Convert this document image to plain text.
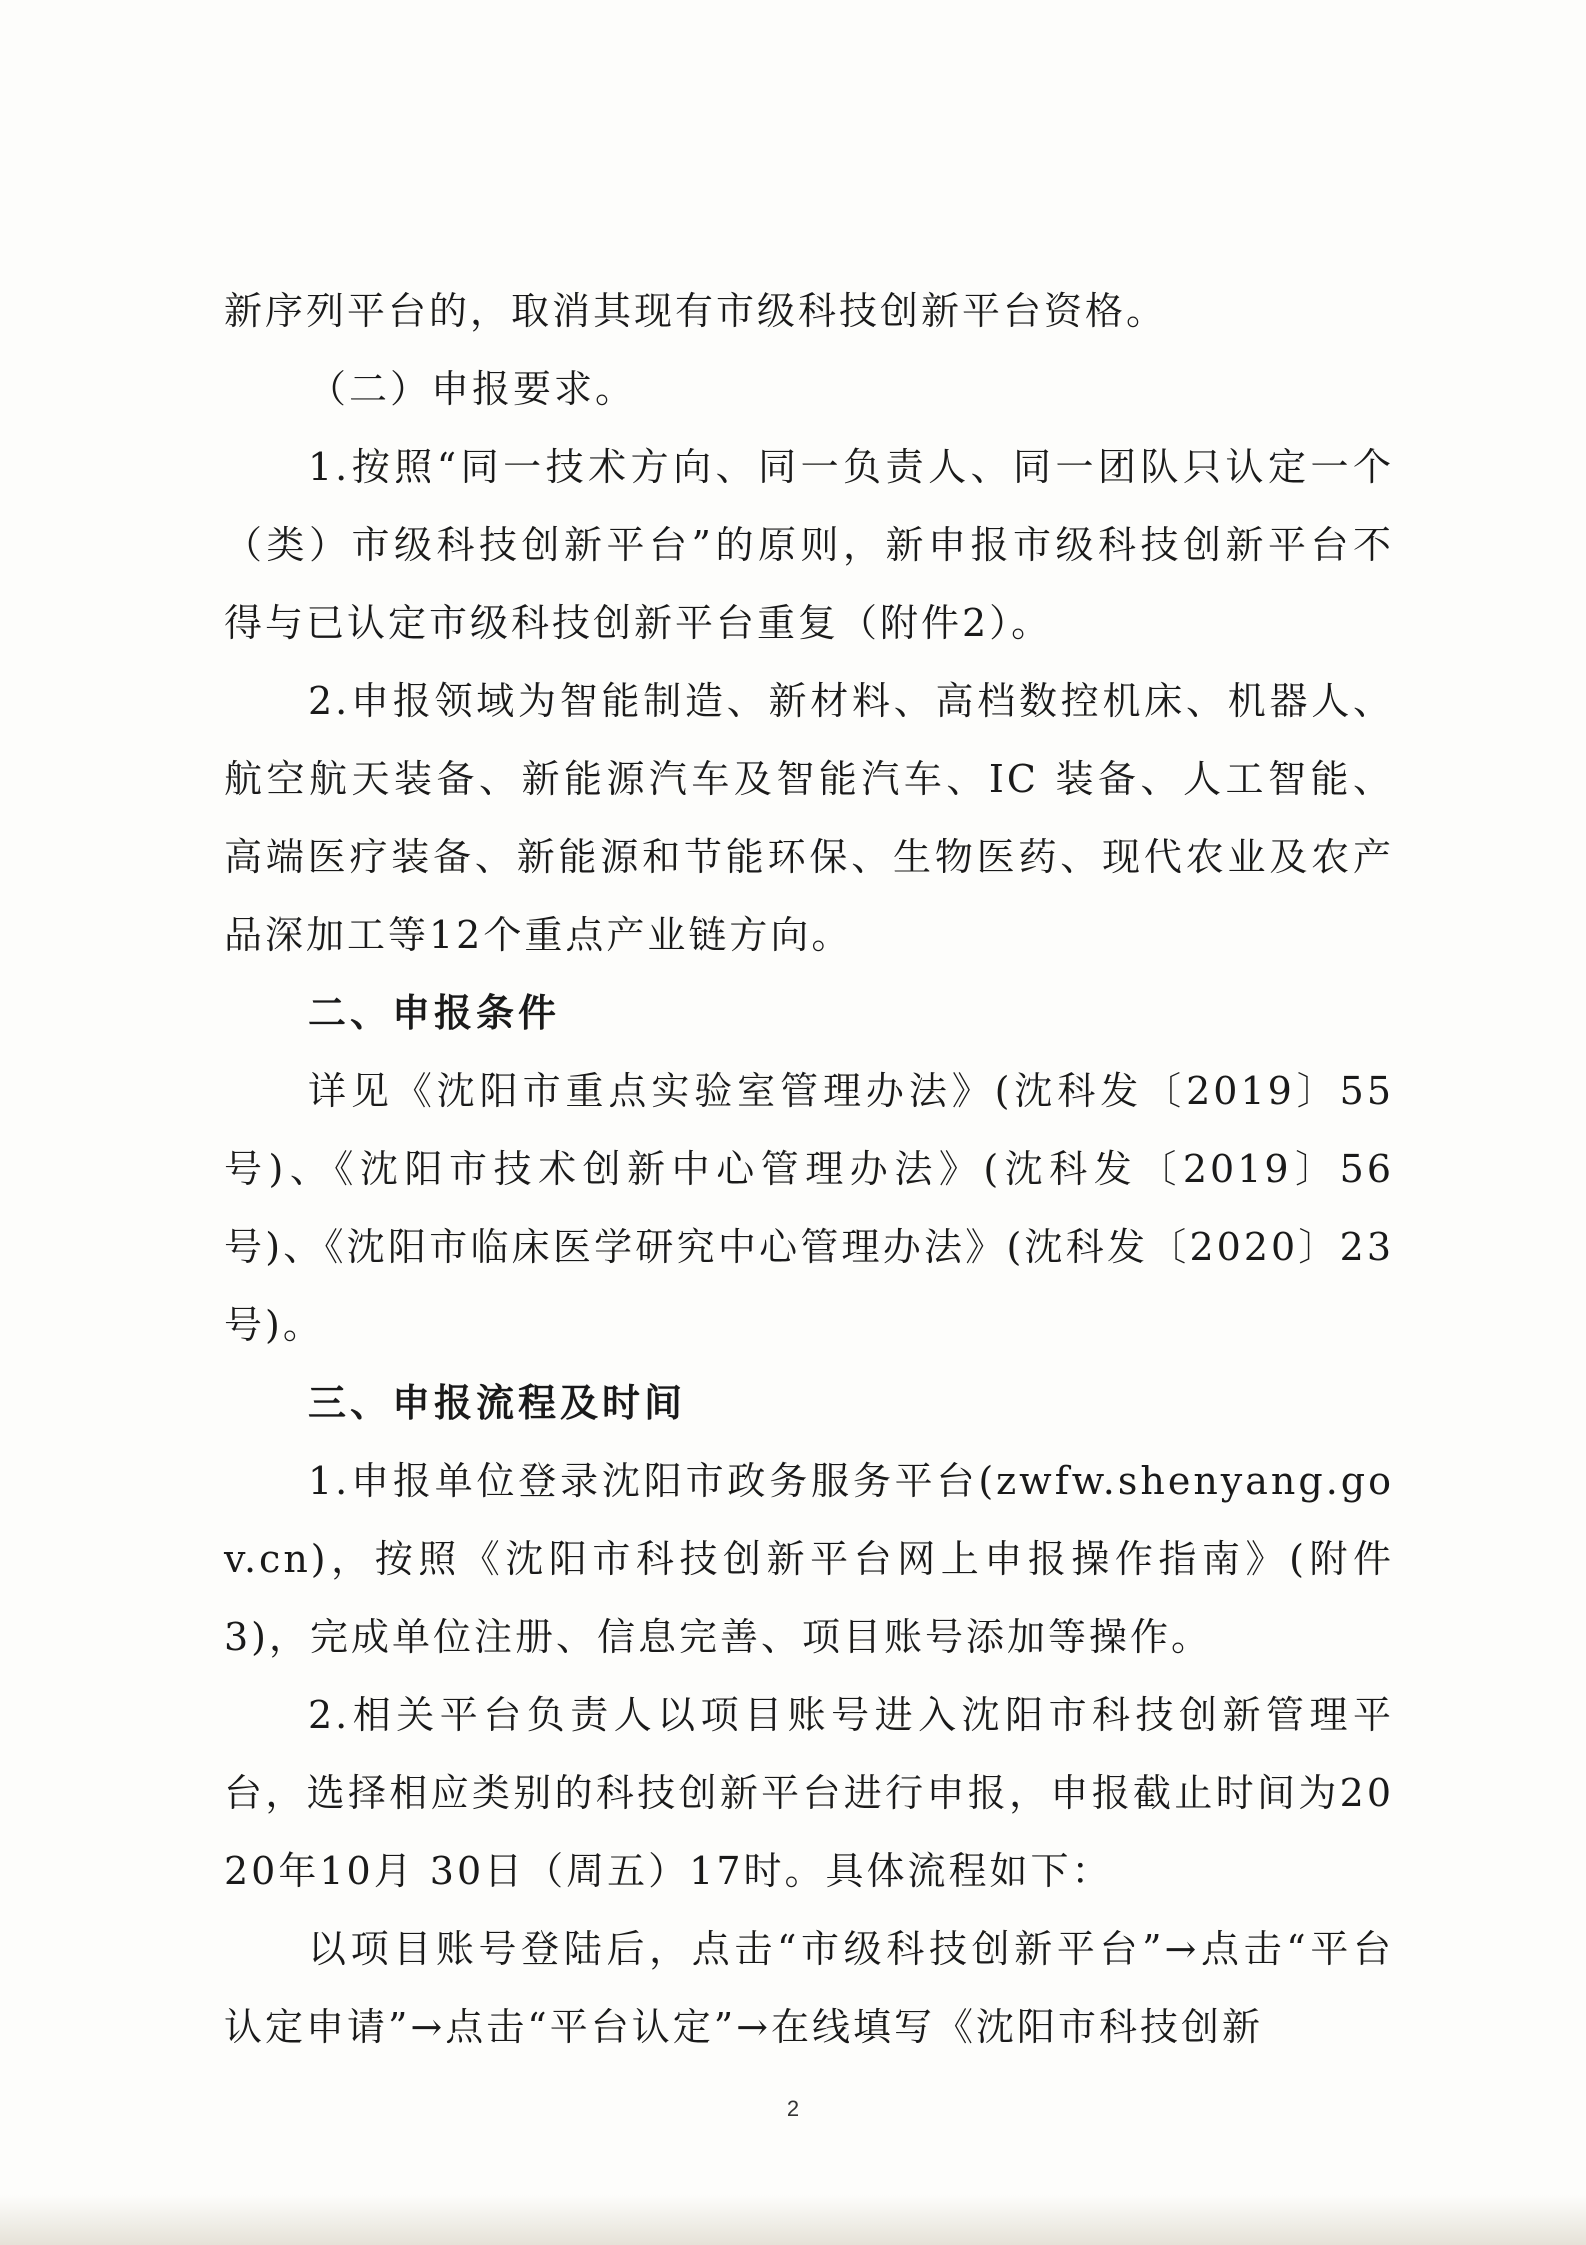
新序列平台的，取消其现有市级科技创新平台资格。

（二）申报要求。

1.按照“同一技术方向、同一负责人、同一团队只认定一个（类）市级科技创新平台”的原则，新申报市级科技创新平台不得与已认定市级科技创新平台重复（附件2）。

2.申报领域为智能制造、新材料、高档数控机床、机器人、航空航天装备、新能源汽车及智能汽车、IC 装备、人工智能、高端医疗装备、新能源和节能环保、生物医药、现代农业及农产品深加工等12个重点产业链方向。

二、申报条件

详见《沈阳市重点实验室管理办法》(沈科发〔2019〕55号)、《沈阳市技术创新中心管理办法》(沈科发〔2019〕56号)、《沈阳市临床医学研究中心管理办法》(沈科发〔2020〕23号)。

三、申报流程及时间

1.申报单位登录沈阳市政务服务平台(zwfw.shenyang.gov.cn)，按照《沈阳市科技创新平台网上申报操作指南》(附件3)，完成单位注册、信息完善、项目账号添加等操作。

2.相关平台负责人以项目账号进入沈阳市科技创新管理平台，选择相应类别的科技创新平台进行申报，申报截止时间为2020年10月 30日（周五）17时。具体流程如下：

以项目账号登陆后，点击“市级科技创新平台”→点击“平台认定申请”→点击“平台认定”→在线填写《沈阳市科技创新

2
